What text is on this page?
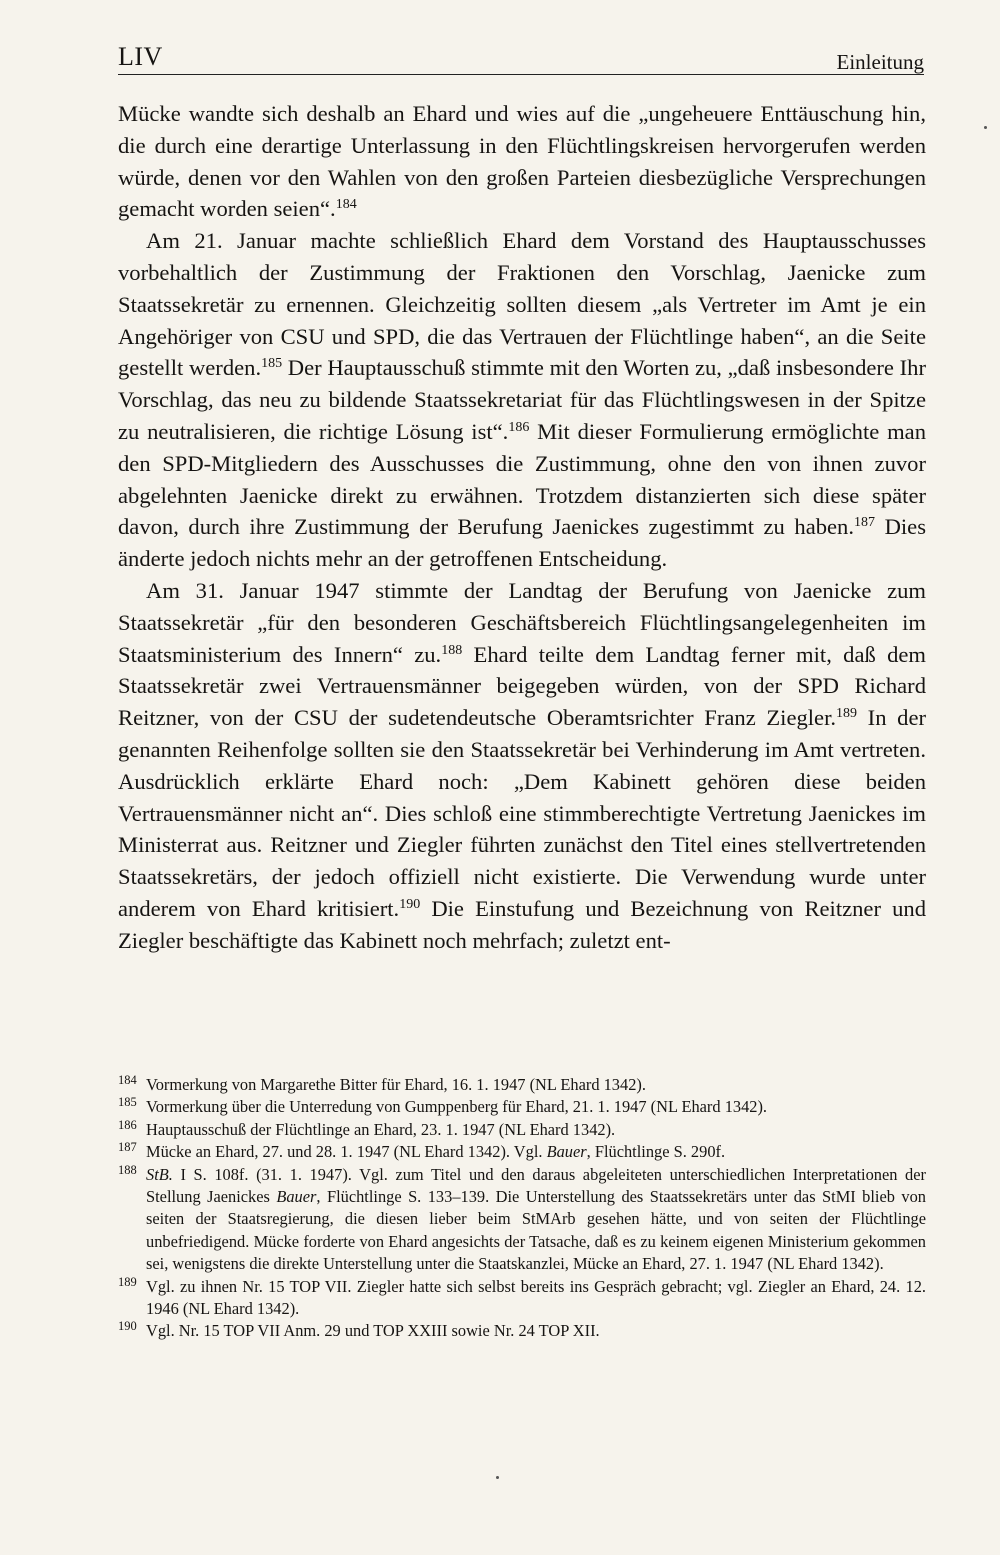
LIV	Einleitung

Mücke wandte sich deshalb an Ehard und wies auf die „ungeheuere Enttäuschung hin, die durch eine derartige Unterlassung in den Flüchtlingskreisen hervorgerufen werden würde, denen vor den Wahlen von den großen Parteien diesbezügliche Versprechungen gemacht worden seien“.$^{184}$

Am 21. Januar machte schließlich Ehard dem Vorstand des Hauptausschusses vorbehaltlich der Zustimmung der Fraktionen den Vorschlag, Jaenicke zum Staatssekretär zu ernennen. Gleichzeitig sollten diesem „als Vertreter im Amt je ein Angehöriger von CSU und SPD, die das Vertrauen der Flüchtlinge haben“, an die Seite gestellt werden.$^{185}$ Der Hauptausschuß stimmte mit den Worten zu, „daß insbesondere Ihr Vorschlag, das neu zu bildende Staatssekretariat für das Flüchtlingswesen in der Spitze zu neutralisieren, die richtige Lösung ist“.$^{186}$ Mit dieser Formulierung ermöglichte man den SPD-Mitgliedern des Ausschusses die Zustimmung, ohne den von ihnen zuvor abgelehnten Jaenicke direkt zu erwähnen. Trotzdem distanzierten sich diese später davon, durch ihre Zustimmung der Berufung Jaenickes zugestimmt zu haben.$^{187}$ Dies änderte jedoch nichts mehr an der getroffenen Entscheidung.

Am 31. Januar 1947 stimmte der Landtag der Berufung von Jaenicke zum Staatssekretär „für den besonderen Geschäftsbereich Flüchtlingsangelegenheiten im Staatsministerium des Innern“ zu.$^{188}$ Ehard teilte dem Landtag ferner mit, daß dem Staatssekretär zwei Vertrauensmänner beigegeben würden, von der SPD Richard Reitzner, von der CSU der sudetendeutsche Oberamtsrichter Franz Ziegler.$^{189}$ In der genannten Reihenfolge sollten sie den Staatssekretär bei Verhinderung im Amt vertreten. Ausdrücklich erklärte Ehard noch: „Dem Kabinett gehören diese beiden Vertrauensmänner nicht an“. Dies schloß eine stimmberechtigte Vertretung Jaenickes im Ministerrat aus. Reitzner und Ziegler führten zunächst den Titel eines stellvertretenden Staatssekretärs, der jedoch offiziell nicht existierte. Die Verwendung wurde unter anderem von Ehard kritisiert.$^{190}$ Die Einstufung und Bezeichnung von Reitzner und Ziegler beschäftigte das Kabinett noch mehrfach; zuletzt ent-

184 Vormerkung von Margarethe Bitter für Ehard, 16. 1. 1947 (NL Ehard 1342).

185 Vormerkung über die Unterredung von Gumppenberg für Ehard, 21. 1. 1947 (NL Ehard 1342).

186 Hauptausschuß der Flüchtlinge an Ehard, 23. 1. 1947 (NL Ehard 1342).

187 Mücke an Ehard, 27. und 28. 1. 1947 (NL Ehard 1342). Vgl. Bauer, Flüchtlinge S. 290f.

188 StB. I S. 108f. (31. 1. 1947). Vgl. zum Titel und den daraus abgeleiteten unterschiedlichen Interpretationen der Stellung Jaenickes Bauer, Flüchtlinge S. 133–139. Die Unterstellung des Staatssekretärs unter das StMI blieb von seiten der Staatsregierung, die diesen lieber beim StMArb gesehen hätte, und von seiten der Flüchtlinge unbefriedigend. Mücke forderte von Ehard angesichts der Tatsache, daß es zu keinem eigenen Ministerium gekommen sei, wenigstens die direkte Unterstellung unter die Staatskanzlei, Mücke an Ehard, 27. 1. 1947 (NL Ehard 1342).

189 Vgl. zu ihnen Nr. 15 TOP VII. Ziegler hatte sich selbst bereits ins Gespräch gebracht; vgl. Ziegler an Ehard, 24. 12. 1946 (NL Ehard 1342).

190 Vgl. Nr. 15 TOP VII Anm. 29 und TOP XXIII sowie Nr. 24 TOP XII.
